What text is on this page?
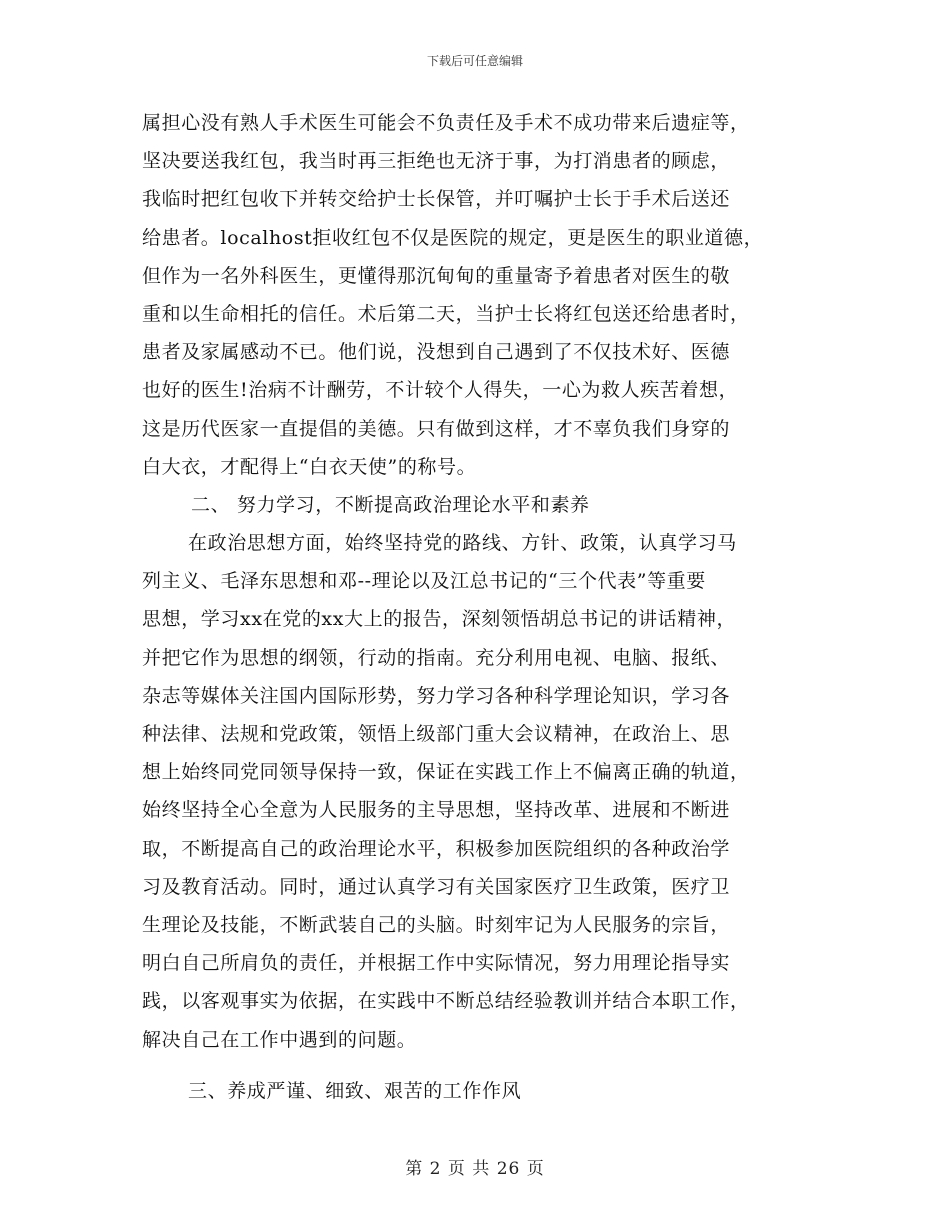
下载后可任意编辑
属担心没有熟人手术医生可能会不负责任及手术不成功带来后遗症等，
坚决要送我红包，我当时再三拒绝也无济于事，为打消患者的顾虑，
我临时把红包收下并转交给护士长保管，并叮嘱护士长于手术后送还
给患者。localhost拒收红包不仅是医院的规定，更是医生的职业道德，
但作为一名外科医生，更懂得那沉甸甸的重量寄予着患者对医生的敬
重和以生命相托的信任。术后第二天，当护士长将红包送还给患者时，
患者及家属感动不已。他们说，没想到自己遇到了不仅技术好、医德
也好的医生!治病不计酬劳，不计较个人得失，一心为救人疾苦着想，
这是历代医家一直提倡的美德。只有做到这样，才不辜负我们身穿的
白大衣，才配得上“白衣天使”的称号。
二、 努力学习，不断提高政治理论水平和素养
在政治思想方面，始终坚持党的路线、方针、政策，认真学习马
列主义、毛泽东思想和邓--理论以及江总书记的“三个代表”等重要
思想，学习xx在党的xx大上的报告，深刻领悟胡总书记的讲话精神，
并把它作为思想的纲领，行动的指南。充分利用电视、电脑、报纸、
杂志等媒体关注国内国际形势，努力学习各种科学理论知识，学习各
种法律、法规和党政策，领悟上级部门重大会议精神，在政治上、思
想上始终同党同领导保持一致，保证在实践工作上不偏离正确的轨道，
始终坚持全心全意为人民服务的主导思想，坚持改革、进展和不断进
取，不断提高自己的政治理论水平，积极参加医院组织的各种政治学
习及教育活动。同时，通过认真学习有关国家医疗卫生政策，医疗卫
生理论及技能，不断武装自己的头脑。时刻牢记为人民服务的宗旨，
明白自己所肩负的责任，并根据工作中实际情况，努力用理论指导实
践，以客观事实为依据，在实践中不断总结经验教训并结合本职工作，
解决自己在工作中遇到的问题。
三、养成严谨、细致、艰苦的工作作风
第 2 页 共 26 页
